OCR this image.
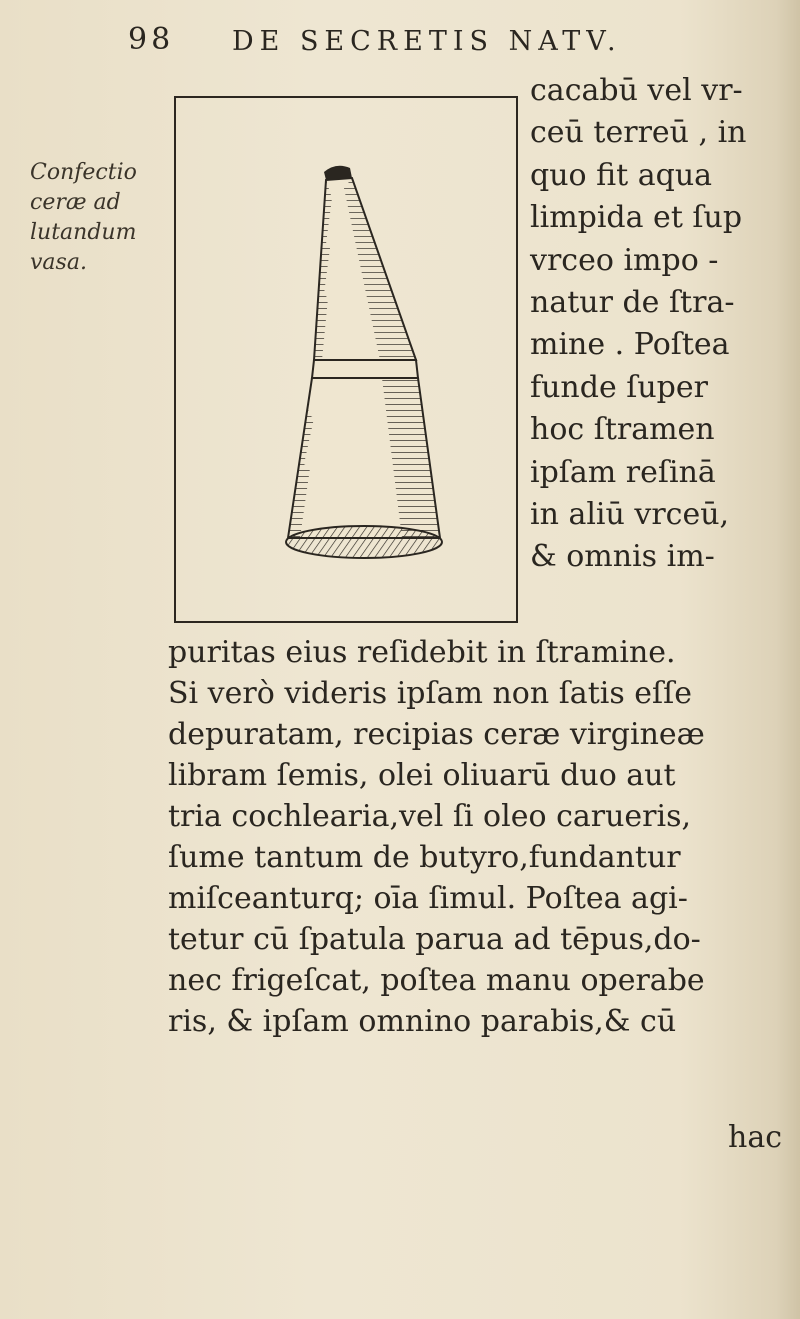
98 DE SECRETIS NATV.
Confectio
ceræ ad
lutandum
vasa.
cacabū vel vr-
ceū terreū , in
quo fit aqua
limpida et ſup
vrceo impo -
natur de ſtra-
mine . Poſtea
funde ſuper
hoc ſtramen
ipſam reſinā
in aliū vrceū,
& omnis im-
puritas eius reſidebit in ſtramine.
Si verò videris ipſam non ſatis eſſe
depuratam, recipias ceræ virgineæ
libram ſemis, olei oliuarū duo aut
tria cochlearia,vel ſi oleo carueris,
ſume tantum de butyro,fundantur
miſceanturq; oīa ſimul. Poſtea agi-
tetur cū ſpatula parua ad tēpus,do-
nec frigeſcat, poſtea manu operabe
ris, & ipſam omnino parabis,& cū
hac
